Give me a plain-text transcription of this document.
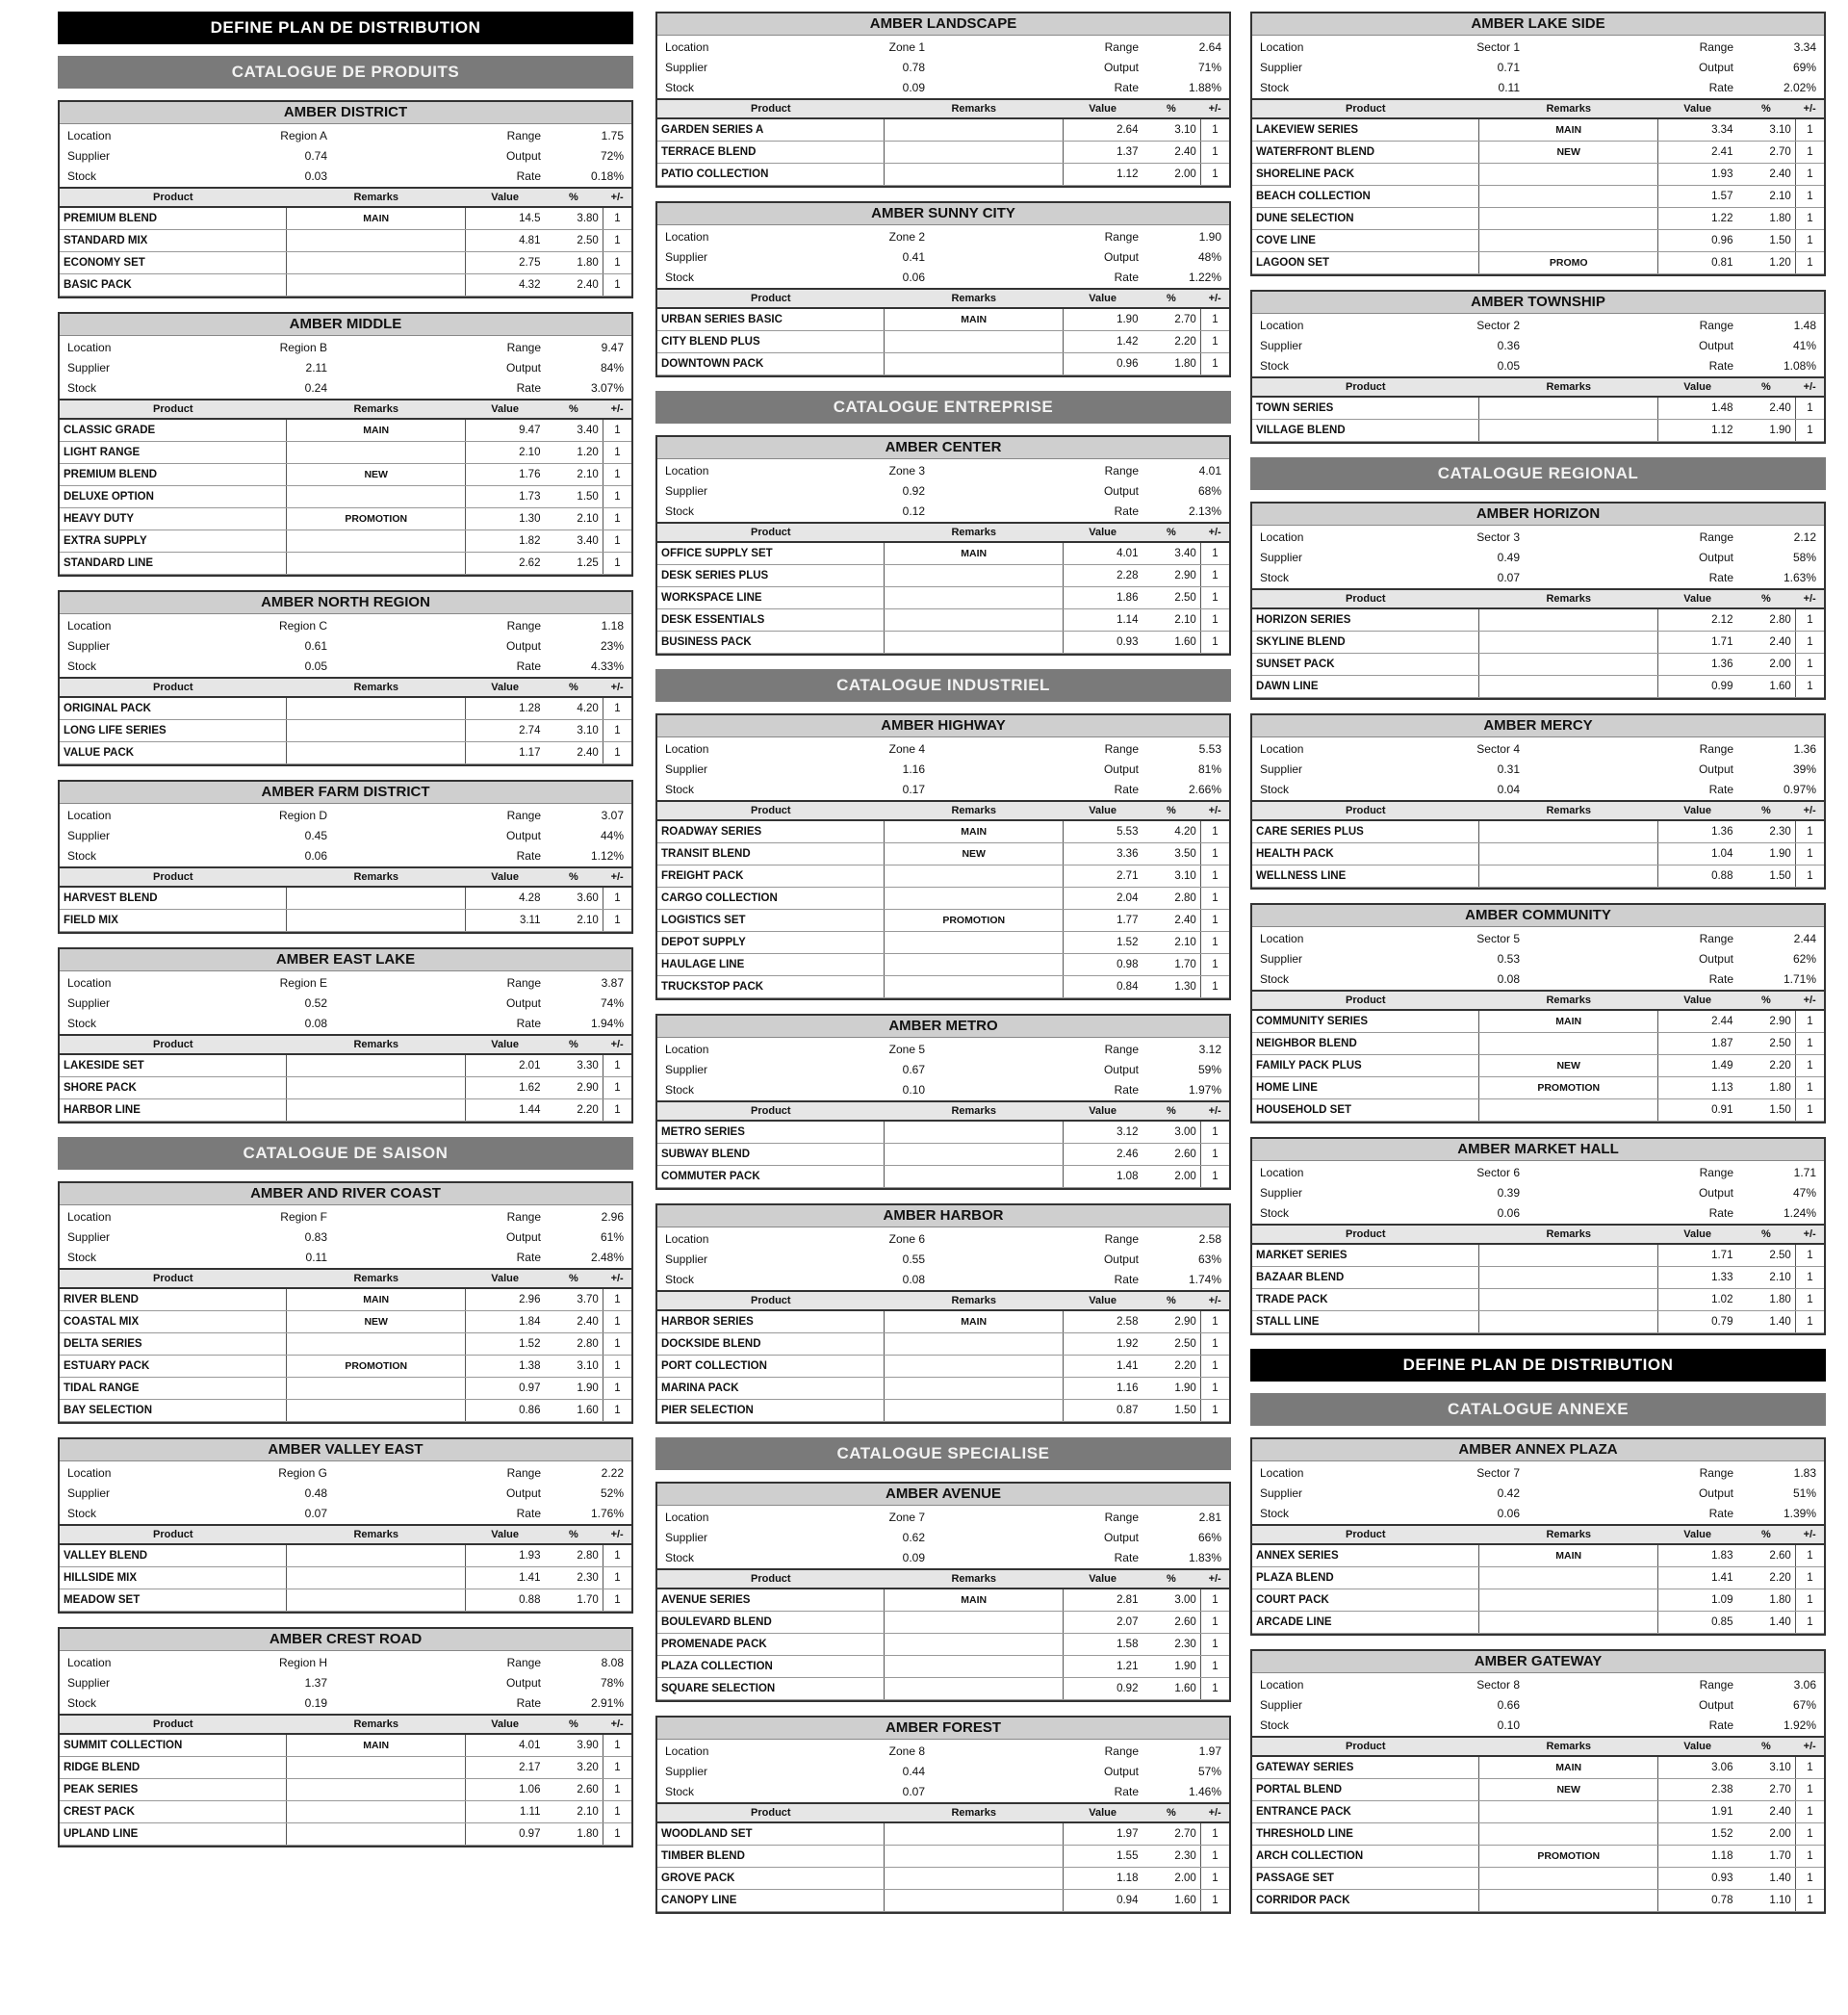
DEFINE PLAN DE DISTRIBUTION
CATALOGUE DE PRODUITS
AMBER DISTRICT
Location	Region A	Range	1.75
Supplier	0.74	Output	72%
Stock	0.03	Rate	0.18%
Product	Remarks	Value	%	+/-
PREMIUM BLEND	MAIN	14.5	3.80	1
STANDARD MIX		4.81	2.50	1
ECONOMY SET		2.75	1.80	1
BASIC PACK		4.32	2.40	1
AMBER MIDDLE
Location	Region B	Range	9.47
Supplier	2.11	Output	84%
Stock	0.24	Rate	3.07%
Product	Remarks	Value	%	+/-
CLASSIC GRADE	MAIN	9.47	3.40	1
LIGHT RANGE		2.10	1.20	1
PREMIUM BLEND	NEW	1.76	2.10	1
DELUXE OPTION		1.73	1.50	1
HEAVY DUTY	PROMOTION	1.30	2.10	1
EXTRA SUPPLY		1.82	3.40	1
STANDARD LINE		2.62	1.25	1
AMBER NORTH REGION
Location	Region C	Range	1.18
Supplier	0.61	Output	23%
Stock	0.05	Rate	4.33%
Product	Remarks	Value	%	+/-
ORIGINAL PACK		1.28	4.20	1
LONG LIFE SERIES		2.74	3.10	1
VALUE PACK		1.17	2.40	1
AMBER FARM DISTRICT
Location	Region D	Range	3.07
Supplier	0.45	Output	44%
Stock	0.06	Rate	1.12%
Product	Remarks	Value	%	+/-
HARVEST BLEND		4.28	3.60	1
FIELD MIX		3.11	2.10	1
AMBER EAST LAKE
Location	Region E	Range	3.87
Supplier	0.52	Output	74%
Stock	0.08	Rate	1.94%
Product	Remarks	Value	%	+/-
LAKESIDE SET		2.01	3.30	1
SHORE PACK		1.62	2.90	1
HARBOR LINE		1.44	2.20	1
CATALOGUE DE SAISON
AMBER AND RIVER COAST
Location	Region F	Range	2.96
Supplier	0.83	Output	61%
Stock	0.11	Rate	2.48%
Product	Remarks	Value	%	+/-
RIVER BLEND	MAIN	2.96	3.70	1
COASTAL MIX	NEW	1.84	2.40	1
DELTA SERIES		1.52	2.80	1
ESTUARY PACK	PROMOTION	1.38	3.10	1
TIDAL RANGE		0.97	1.90	1
BAY SELECTION		0.86	1.60	1
AMBER VALLEY EAST
Location	Region G	Range	2.22
Supplier	0.48	Output	52%
Stock	0.07	Rate	1.76%
Product	Remarks	Value	%	+/-
VALLEY BLEND		1.93	2.80	1
HILLSIDE MIX		1.41	2.30	1
MEADOW SET		0.88	1.70	1
AMBER CREST ROAD
Location	Region H	Range	8.08
Supplier	1.37	Output	78%
Stock	0.19	Rate	2.91%
Product	Remarks	Value	%	+/-
SUMMIT COLLECTION	MAIN	4.01	3.90	1
RIDGE BLEND		2.17	3.20	1
PEAK SERIES		1.06	2.60	1
CREST PACK		1.11	2.10	1
UPLAND LINE		0.97	1.80	1
AMBER LANDSCAPE
Location	Zone 1	Range	2.64
Supplier	0.78	Output	71%
Stock	0.09	Rate	1.88%
Product	Remarks	Value	%	+/-
GARDEN SERIES A		2.64	3.10	1
TERRACE BLEND		1.37	2.40	1
PATIO COLLECTION		1.12	2.00	1
AMBER SUNNY CITY
Location	Zone 2	Range	1.90
Supplier	0.41	Output	48%
Stock	0.06	Rate	1.22%
Product	Remarks	Value	%	+/-
URBAN SERIES BASIC	MAIN	1.90	2.70	1
CITY BLEND PLUS		1.42	2.20	1
DOWNTOWN PACK		0.96	1.80	1
CATALOGUE ENTREPRISE
AMBER CENTER
Location	Zone 3	Range	4.01
Supplier	0.92	Output	68%
Stock	0.12	Rate	2.13%
Product	Remarks	Value	%	+/-
OFFICE SUPPLY SET	MAIN	4.01	3.40	1
DESK SERIES PLUS		2.28	2.90	1
WORKSPACE LINE		1.86	2.50	1
DESK ESSENTIALS		1.14	2.10	1
BUSINESS PACK		0.93	1.60	1
CATALOGUE INDUSTRIEL
AMBER HIGHWAY
Location	Zone 4	Range	5.53
Supplier	1.16	Output	81%
Stock	0.17	Rate	2.66%
Product	Remarks	Value	%	+/-
ROADWAY SERIES	MAIN	5.53	4.20	1
TRANSIT BLEND	NEW	3.36	3.50	1
FREIGHT PACK		2.71	3.10	1
CARGO COLLECTION		2.04	2.80	1
LOGISTICS SET	PROMOTION	1.77	2.40	1
DEPOT SUPPLY		1.52	2.10	1
HAULAGE LINE		0.98	1.70	1
TRUCKSTOP PACK		0.84	1.30	1
AMBER METRO
Location	Zone 5	Range	3.12
Supplier	0.67	Output	59%
Stock	0.10	Rate	1.97%
Product	Remarks	Value	%	+/-
METRO SERIES		3.12	3.00	1
SUBWAY BLEND		2.46	2.60	1
COMMUTER PACK		1.08	2.00	1
AMBER HARBOR
Location	Zone 6	Range	2.58
Supplier	0.55	Output	63%
Stock	0.08	Rate	1.74%
Product	Remarks	Value	%	+/-
HARBOR SERIES	MAIN	2.58	2.90	1
DOCKSIDE BLEND		1.92	2.50	1
PORT COLLECTION		1.41	2.20	1
MARINA PACK		1.16	1.90	1
PIER SELECTION		0.87	1.50	1
CATALOGUE SPECIALISE
AMBER AVENUE
Location	Zone 7	Range	2.81
Supplier	0.62	Output	66%
Stock	0.09	Rate	1.83%
Product	Remarks	Value	%	+/-
AVENUE SERIES	MAIN	2.81	3.00	1
BOULEVARD BLEND		2.07	2.60	1
PROMENADE PACK		1.58	2.30	1
PLAZA COLLECTION		1.21	1.90	1
SQUARE SELECTION		0.92	1.60	1
AMBER FOREST
Location	Zone 8	Range	1.97
Supplier	0.44	Output	57%
Stock	0.07	Rate	1.46%
Product	Remarks	Value	%	+/-
WOODLAND SET		1.97	2.70	1
TIMBER BLEND		1.55	2.30	1
GROVE PACK		1.18	2.00	1
CANOPY LINE		0.94	1.60	1
AMBER LAKE SIDE
Location	Sector 1	Range	3.34
Supplier	0.71	Output	69%
Stock	0.11	Rate	2.02%
Product	Remarks	Value	%	+/-
LAKEVIEW SERIES	MAIN	3.34	3.10	1
WATERFRONT BLEND	NEW	2.41	2.70	1
SHORELINE PACK		1.93	2.40	1
BEACH COLLECTION		1.57	2.10	1
DUNE SELECTION		1.22	1.80	1
COVE LINE		0.96	1.50	1
LAGOON SET	PROMO	0.81	1.20	1
AMBER TOWNSHIP
Location	Sector 2	Range	1.48
Supplier	0.36	Output	41%
Stock	0.05	Rate	1.08%
Product	Remarks	Value	%	+/-
TOWN SERIES		1.48	2.40	1
VILLAGE BLEND		1.12	1.90	1
CATALOGUE REGIONAL
AMBER HORIZON
Location	Sector 3	Range	2.12
Supplier	0.49	Output	58%
Stock	0.07	Rate	1.63%
Product	Remarks	Value	%	+/-
HORIZON SERIES		2.12	2.80	1
SKYLINE BLEND		1.71	2.40	1
SUNSET PACK		1.36	2.00	1
DAWN LINE		0.99	1.60	1
AMBER MERCY
Location	Sector 4	Range	1.36
Supplier	0.31	Output	39%
Stock	0.04	Rate	0.97%
Product	Remarks	Value	%	+/-
CARE SERIES PLUS		1.36	2.30	1
HEALTH PACK		1.04	1.90	1
WELLNESS LINE		0.88	1.50	1
AMBER COMMUNITY
Location	Sector 5	Range	2.44
Supplier	0.53	Output	62%
Stock	0.08	Rate	1.71%
Product	Remarks	Value	%	+/-
COMMUNITY SERIES	MAIN	2.44	2.90	1
NEIGHBOR BLEND		1.87	2.50	1
FAMILY PACK PLUS	NEW	1.49	2.20	1
HOME LINE	PROMOTION	1.13	1.80	1
HOUSEHOLD SET		0.91	1.50	1
AMBER MARKET HALL
Location	Sector 6	Range	1.71
Supplier	0.39	Output	47%
Stock	0.06	Rate	1.24%
Product	Remarks	Value	%	+/-
MARKET SERIES		1.71	2.50	1
BAZAAR BLEND		1.33	2.10	1
TRADE PACK		1.02	1.80	1
STALL LINE		0.79	1.40	1
DEFINE PLAN DE DISTRIBUTION
CATALOGUE ANNEXE
AMBER ANNEX PLAZA
Location	Sector 7	Range	1.83
Supplier	0.42	Output	51%
Stock	0.06	Rate	1.39%
Product	Remarks	Value	%	+/-
ANNEX SERIES	MAIN	1.83	2.60	1
PLAZA BLEND		1.41	2.20	1
COURT PACK		1.09	1.80	1
ARCADE LINE		0.85	1.40	1
AMBER GATEWAY
Location	Sector 8	Range	3.06
Supplier	0.66	Output	67%
Stock	0.10	Rate	1.92%
Product	Remarks	Value	%	+/-
GATEWAY SERIES	MAIN	3.06	3.10	1
PORTAL BLEND	NEW	2.38	2.70	1
ENTRANCE PACK		1.91	2.40	1
THRESHOLD LINE		1.52	2.00	1
ARCH COLLECTION	PROMOTION	1.18	1.70	1
PASSAGE SET		0.93	1.40	1
CORRIDOR PACK		0.78	1.10	1
